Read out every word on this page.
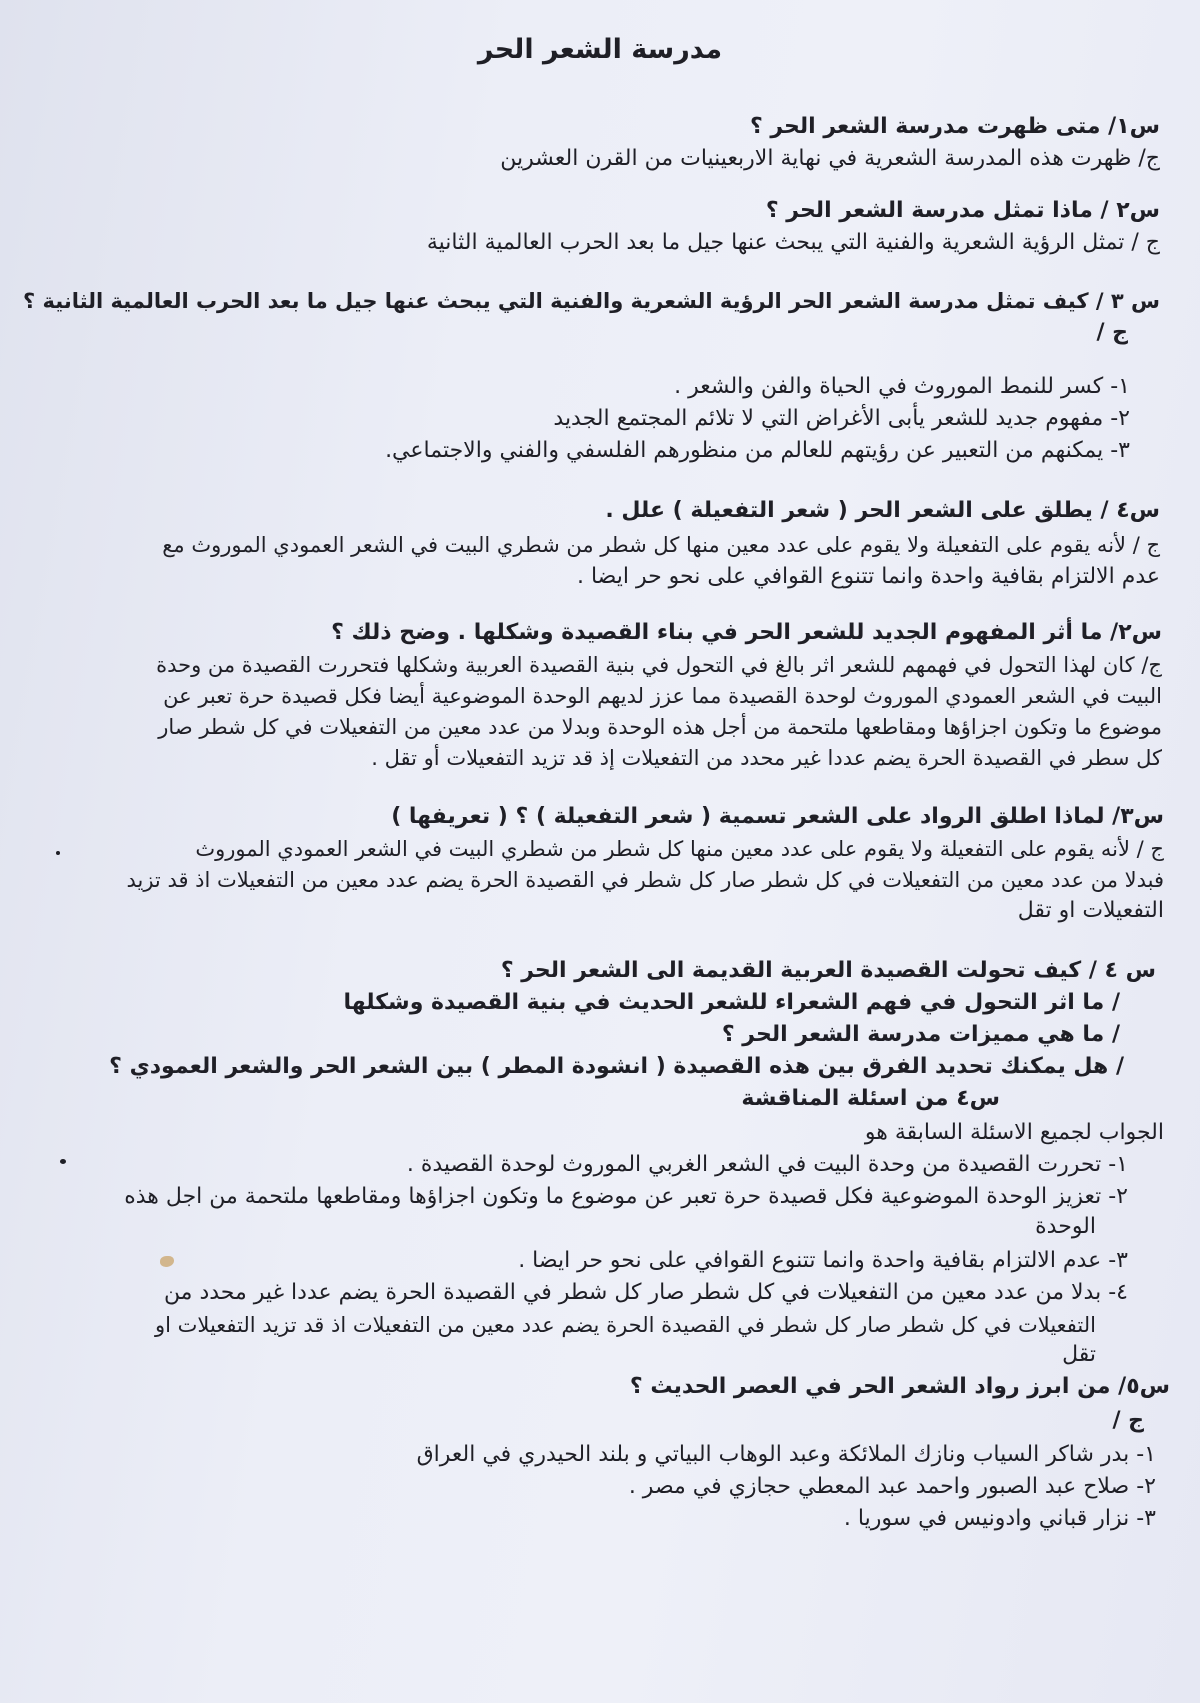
مدرسة الشعر الحر
س١/ متى ظهرت مدرسة الشعر الحر ؟
ج/ ظهرت هذه المدرسة الشعرية في نهاية الاربعينيات من القرن العشرين
س٢ / ماذا تمثل مدرسة الشعر الحر ؟
ج / تمثل الرؤية الشعرية والفنية التي يبحث عنها جيل ما بعد الحرب العالمية الثانية
س ٣ / كيف تمثل مدرسة الشعر الحر الرؤية الشعرية والفنية التي يبحث عنها جيل ما بعد الحرب العالمية الثانية ؟
ج /
١- كسر للنمط الموروث في الحياة والفن والشعر .
٢- مفهوم جديد للشعر يأبى الأغراض التي لا تلائم المجتمع الجديد
٣- يمكنهم من التعبير عن رؤيتهم للعالم من منظورهم الفلسفي والفني والاجتماعي.
س٤ / يطلق على الشعر الحر ( شعر التفعيلة ) علل .
ج / لأنه يقوم على التفعيلة ولا يقوم على عدد معين منها كل شطر من شطري البيت في الشعر العمودي الموروث مع
عدم الالتزام بقافية واحدة وانما تتنوع القوافي على نحو حر ايضا .
س٢/ ما أثر المفهوم الجديد للشعر الحر في بناء القصيدة وشكلها . وضح ذلك ؟
ج/ كان لهذا التحول في فهمهم للشعر اثر بالغ في التحول في بنية القصيدة العربية وشكلها فتحررت القصيدة من وحدة
البيت في الشعر العمودي الموروث لوحدة القصيدة مما عزز لديهم الوحدة الموضوعية أيضا فكل قصيدة حرة تعبر عن
موضوع ما وتكون اجزاؤها ومقاطعها ملتحمة من أجل هذه الوحدة وبدلا من عدد معين من التفعيلات في كل شطر صار
كل سطر في القصيدة الحرة يضم عددا غير محدد من التفعيلات إذ قد تزيد التفعيلات أو تقل .
س٣/ لماذا اطلق الرواد على الشعر تسمية ( شعر التفعيلة ) ؟ ( تعريفها )
ج / لأنه يقوم على التفعيلة ولا يقوم على عدد معين منها كل شطر من شطري البيت في الشعر العمودي الموروث
فبدلا من عدد معين من التفعيلات في كل شطر صار كل شطر في القصيدة الحرة يضم عدد معين من التفعيلات اذ قد تزيد
التفعيلات او تقل
س ٤ / كيف تحولت القصيدة العربية القديمة الى الشعر الحر ؟
/ ما اثر التحول في فهم الشعراء للشعر الحديث في بنية القصيدة وشكلها
/ ما هي مميزات مدرسة الشعر الحر ؟
/ هل يمكنك تحديد الفرق بين هذه القصيدة ( انشودة المطر ) بين الشعر الحر والشعر العمودي ؟
س٤ من اسئلة المناقشة
الجواب لجميع الاسئلة السابقة هو
١- تحررت القصيدة من وحدة البيت في الشعر الغربي الموروث لوحدة القصيدة .
٢- تعزيز الوحدة الموضوعية فكل قصيدة حرة تعبر عن موضوع ما وتكون اجزاؤها ومقاطعها ملتحمة من اجل هذه
الوحدة
٣- عدم الالتزام بقافية واحدة وانما تتنوع القوافي على نحو حر ايضا .
٤- بدلا من عدد معين من التفعيلات في كل شطر صار كل شطر في القصيدة الحرة يضم عددا غير محدد من
التفعيلات في كل شطر صار كل شطر في القصيدة الحرة يضم عدد معين من التفعيلات اذ قد تزيد التفعيلات او
تقل
س٥/ من ابرز رواد الشعر الحر في العصر الحديث ؟
ج /
١- بدر شاكر السياب ونازك الملائكة وعبد الوهاب البياتي و بلند الحيدري في العراق
٢- صلاح عبد الصبور واحمد عبد المعطي حجازي في مصر .
٣- نزار قباني وادونيس في سوريا .
